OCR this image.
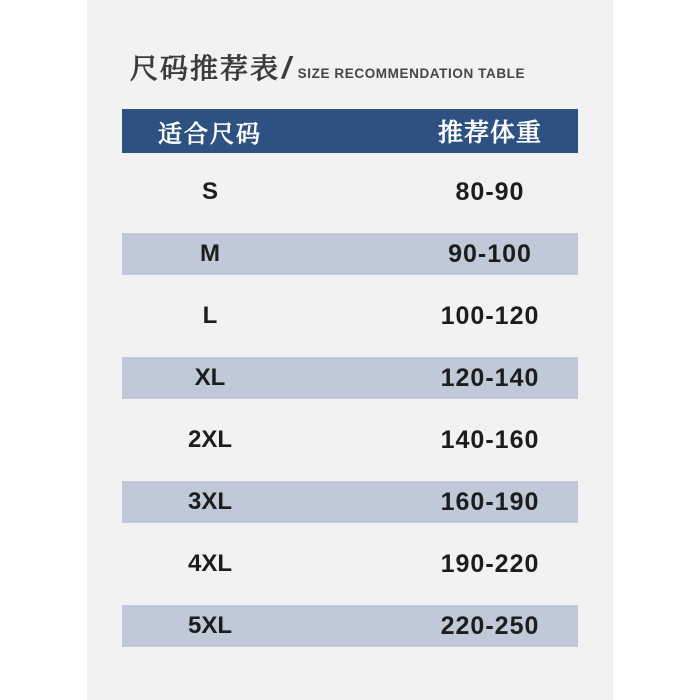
尺码推荐表 / SIZE RECOMMENDATION TABLE
适合尺码	推荐体重
S	80-90
M	90-100
L	100-120
XL	120-140
2XL	140-160
3XL	160-190
4XL	190-220
5XL	220-250
